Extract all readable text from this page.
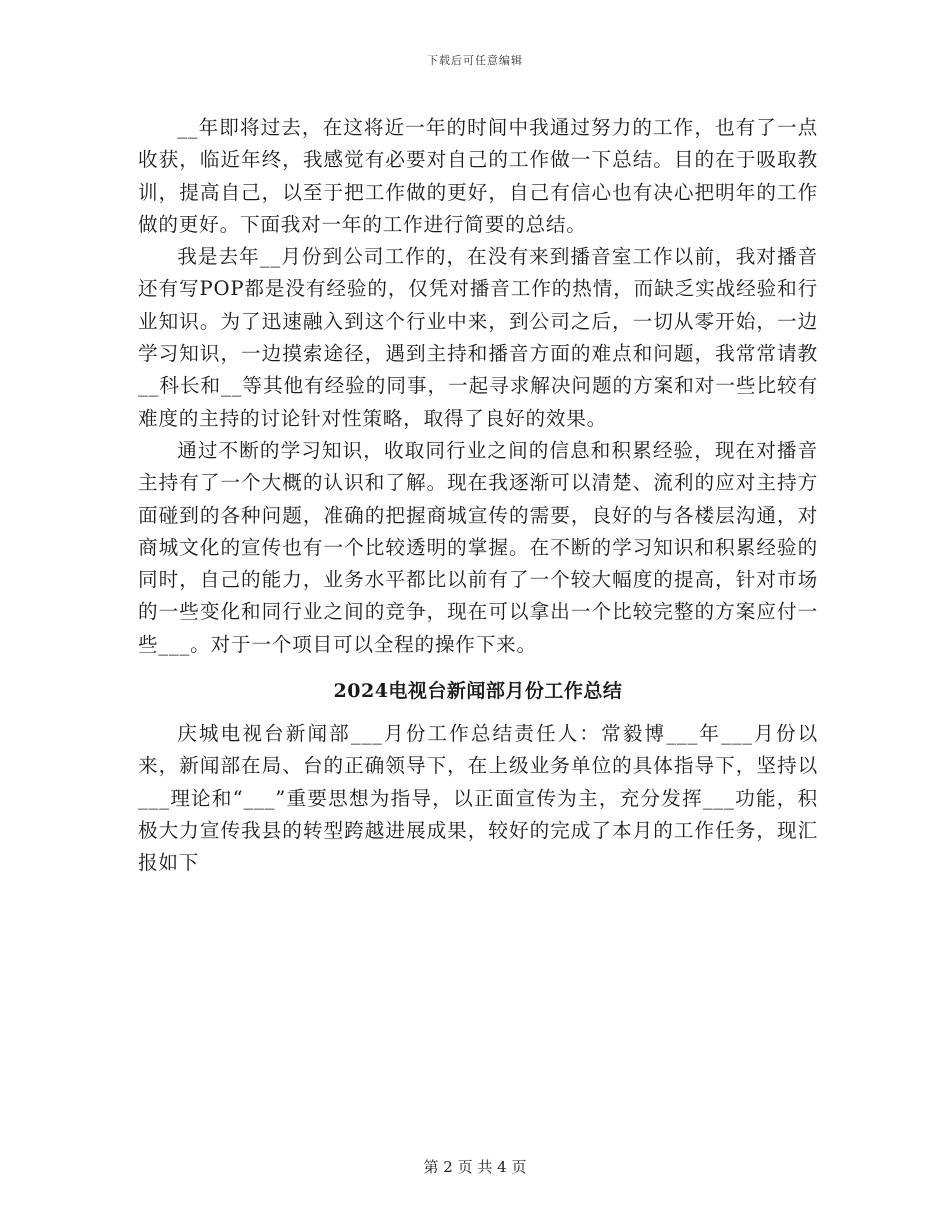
下载后可任意编辑

__年即将过去，在这将近一年的时间中我通过努力的工作，也有了一点收获，临近年终，我感觉有必要对自己的工作做一下总结。目的在于吸取教训，提高自己，以至于把工作做的更好，自己有信心也有决心把明年的工作做的更好。下面我对一年的工作进行简要的总结。

我是去年__月份到公司工作的，在没有来到播音室工作以前，我对播音还有写POP都是没有经验的，仅凭对播音工作的热情，而缺乏实战经验和行业知识。为了迅速融入到这个行业中来，到公司之后，一切从零开始，一边学习知识，一边摸索途径，遇到主持和播音方面的难点和问题，我常常请教__科长和__等其他有经验的同事，一起寻求解决问题的方案和对一些比较有难度的主持的讨论针对性策略，取得了良好的效果。

通过不断的学习知识，收取同行业之间的信息和积累经验，现在对播音主持有了一个大概的认识和了解。现在我逐渐可以清楚、流利的应对主持方面碰到的各种问题，准确的把握商城宣传的需要，良好的与各楼层沟通，对商城文化的宣传也有一个比较透明的掌握。在不断的学习知识和积累经验的同时，自己的能力，业务水平都比以前有了一个较大幅度的提高，针对市场的一些变化和同行业之间的竞争，现在可以拿出一个比较完整的方案应付一些___。对于一个项目可以全程的操作下来。

2024电视台新闻部月份工作总结

庆城电视台新闻部___月份工作总结责任人：常毅博___年___月份以来，新闻部在局、台的正确领导下，在上级业务单位的具体指导下，坚持以___理论和“___”重要思想为指导，以正面宣传为主，充分发挥___功能，积极大力宣传我县的转型跨越进展成果，较好的完成了本月的工作任务，现汇报如下

第 2 页 共 4 页
